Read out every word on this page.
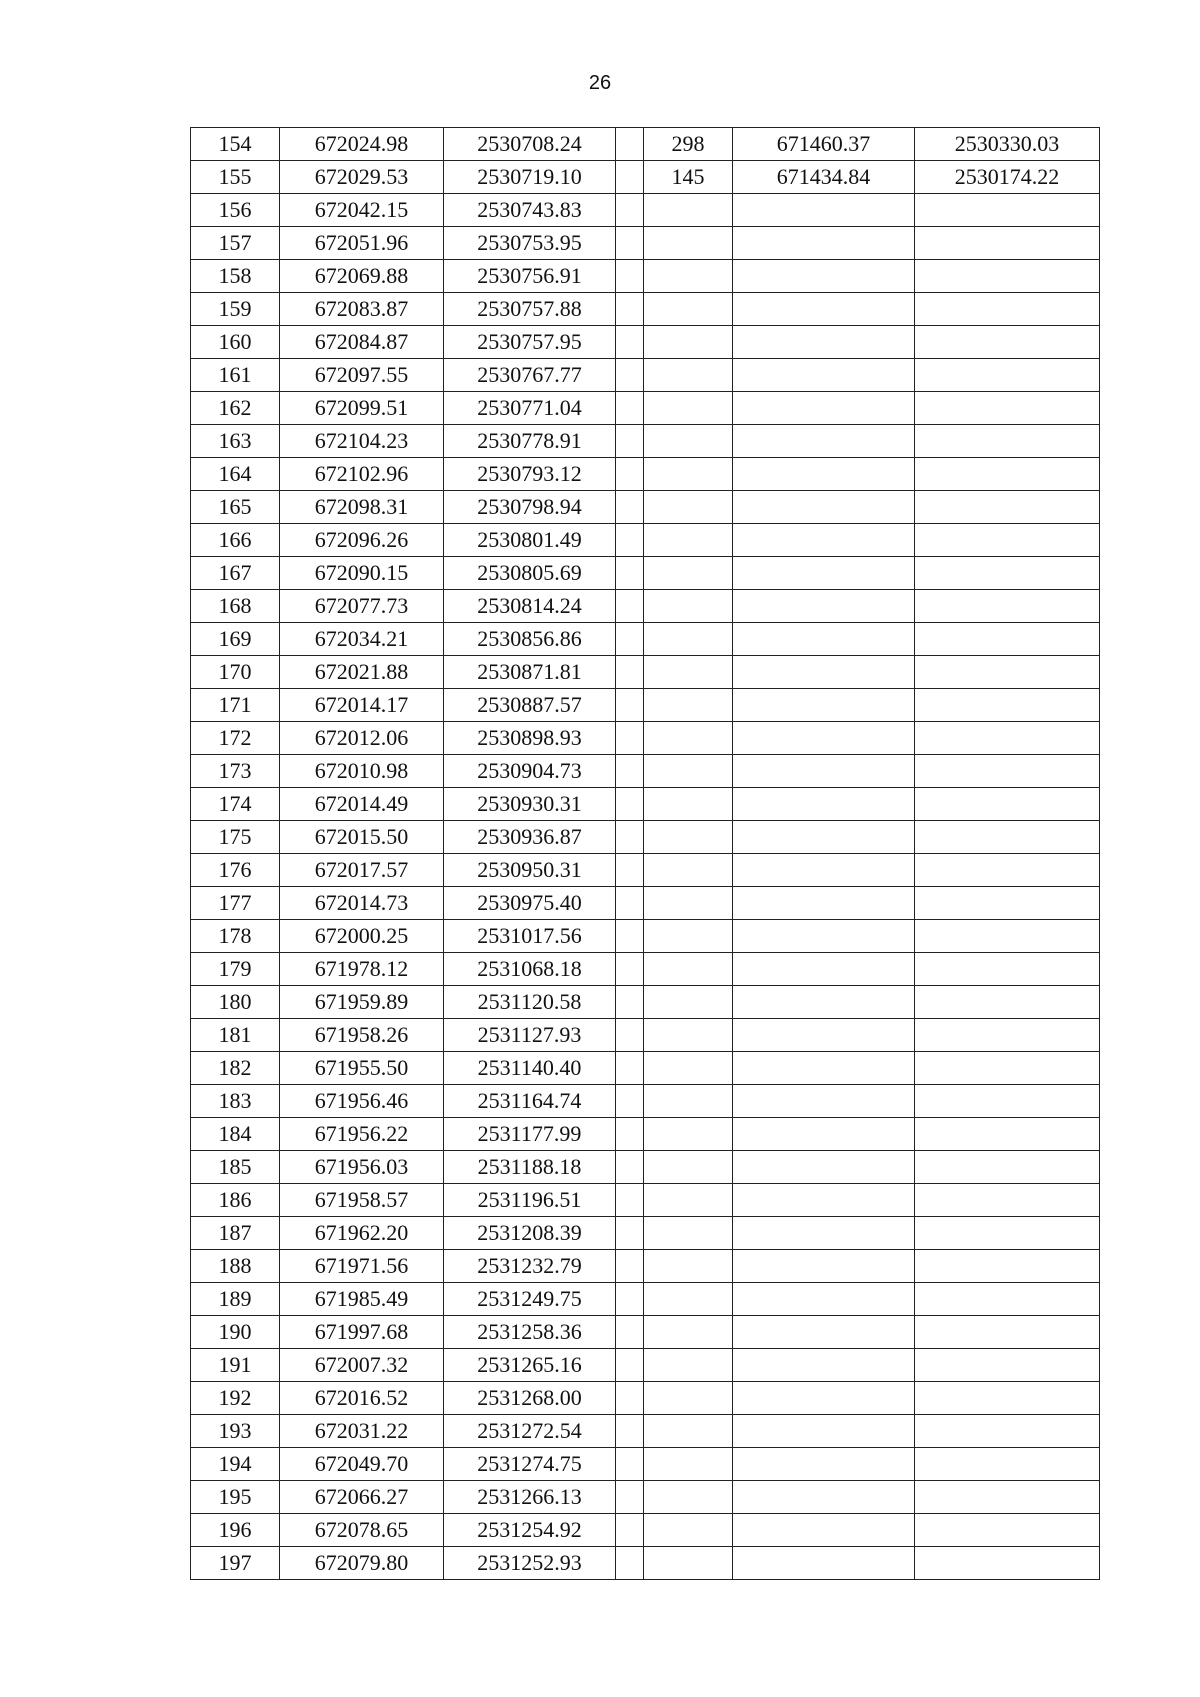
26
154	672024.98	2530708.24		298	671460.37	2530330.03
155	672029.53	2530719.10		145	671434.84	2530174.22
156	672042.15	2530743.83				
157	672051.96	2530753.95				
158	672069.88	2530756.91				
159	672083.87	2530757.88				
160	672084.87	2530757.95				
161	672097.55	2530767.77				
162	672099.51	2530771.04				
163	672104.23	2530778.91				
164	672102.96	2530793.12				
165	672098.31	2530798.94				
166	672096.26	2530801.49				
167	672090.15	2530805.69				
168	672077.73	2530814.24				
169	672034.21	2530856.86				
170	672021.88	2530871.81				
171	672014.17	2530887.57				
172	672012.06	2530898.93				
173	672010.98	2530904.73				
174	672014.49	2530930.31				
175	672015.50	2530936.87				
176	672017.57	2530950.31				
177	672014.73	2530975.40				
178	672000.25	2531017.56				
179	671978.12	2531068.18				
180	671959.89	2531120.58				
181	671958.26	2531127.93				
182	671955.50	2531140.40				
183	671956.46	2531164.74				
184	671956.22	2531177.99				
185	671956.03	2531188.18				
186	671958.57	2531196.51				
187	671962.20	2531208.39				
188	671971.56	2531232.79				
189	671985.49	2531249.75				
190	671997.68	2531258.36				
191	672007.32	2531265.16				
192	672016.52	2531268.00				
193	672031.22	2531272.54				
194	672049.70	2531274.75				
195	672066.27	2531266.13				
196	672078.65	2531254.92				
197	672079.80	2531252.93				
